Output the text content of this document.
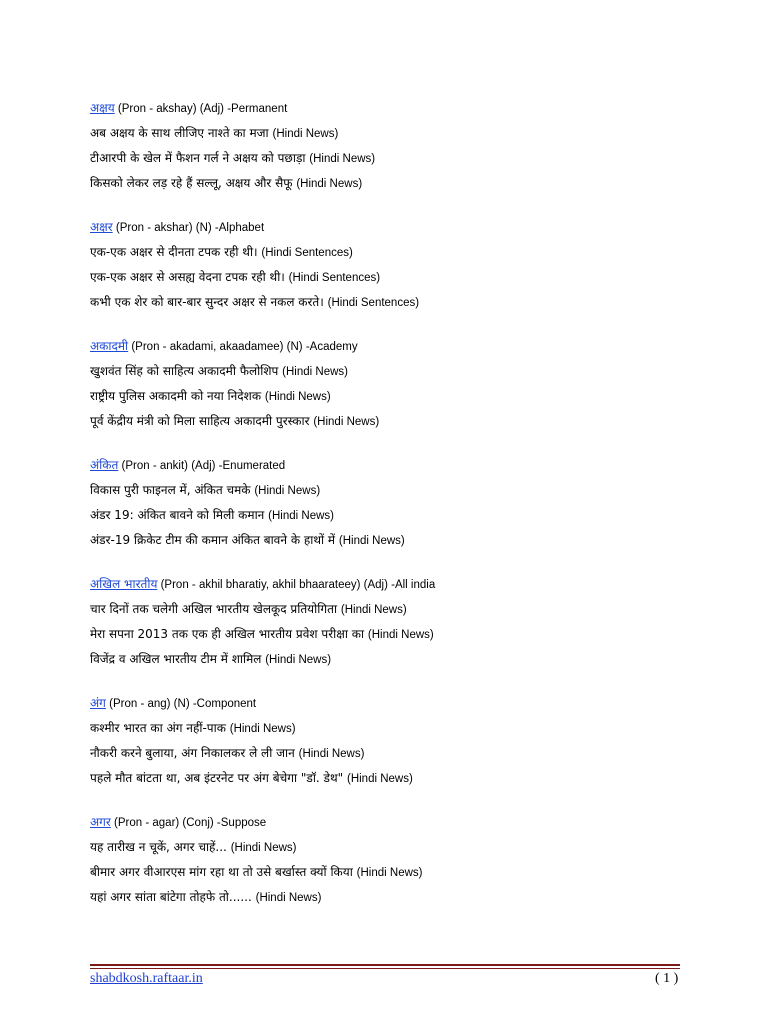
अक्षय (Pron - akshay) (Adj) -Permanent
अब अक्षय के साथ लीजिए नाश्ते का मजा (Hindi News)
टीआरपी के खेल में फैशन गर्ल ने अक्षय को पछाड़ा (Hindi News)
किसको लेकर लड़ रहे हैं सल्लू, अक्षय और सैफू (Hindi News)
अक्षर (Pron - akshar) (N) -Alphabet
एक-एक अक्षर से दीनता टपक रही थी। (Hindi Sentences)
एक-एक अक्षर से असह्य वेदना टपक रही थी। (Hindi Sentences)
कभी एक शेर को बार-बार सुन्दर अक्षर से नकल करते। (Hindi Sentences)
अकादमी (Pron - akadami, akaadamee) (N) -Academy
खुशवंत सिंह को साहित्य अकादमी फैलोशिप (Hindi News)
राष्ट्रीय पुलिस अकादमी को नया निदेशक (Hindi News)
पूर्व केंद्रीय मंत्री को मिला साहित्य अकादमी पुरस्कार (Hindi News)
अंकित (Pron - ankit) (Adj) -Enumerated
विकास पुरी फाइनल में, अंकित चमके (Hindi News)
अंडर 19: अंकित बावने को मिली कमान (Hindi News)
अंडर-19 क्रिकेट टीम की कमान अंकित बावने के हाथों में (Hindi News)
अखिल भारतीय (Pron - akhil bharatiy, akhil bhaarateey) (Adj) -All india
चार दिनों तक चलेगी अखिल भारतीय खेलकूद प्रतियोगिता (Hindi News)
मेरा सपना 2013 तक एक ही अखिल भारतीय प्रवेश परीक्षा का (Hindi News)
विजेंद्र व अखिल भारतीय टीम में शामिल (Hindi News)
अंग (Pron - ang) (N) -Component
कश्मीर भारत का अंग नहीं-पाक (Hindi News)
नौकरी करने बुलाया, अंग निकालकर ले ली जान (Hindi News)
पहले मौत बांटता था, अब इंटरनेट पर अंग बेचेगा "डॉ. डेथ" (Hindi News)
अगर (Pron - agar) (Conj) -Suppose
यह तारीख न चूकें, अगर चाहें... (Hindi News)
बीमार अगर वीआरएस मांग रहा था तो उसे बर्खास्त क्यों किया (Hindi News)
यहां अगर सांता बांटेगा तोहफे तो...... (Hindi News)
shabdkosh.raftaar.in	( 1 )
